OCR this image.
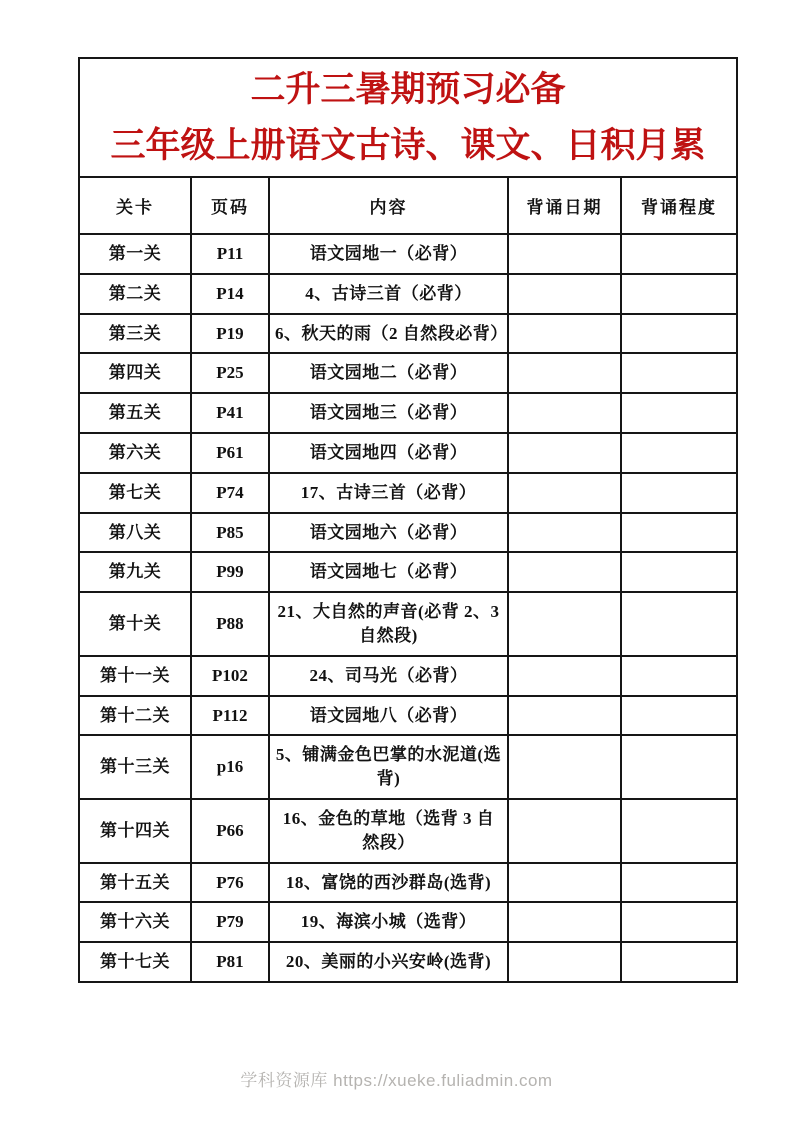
二升三暑期预习必备
三年级上册语文古诗、课文、日积月累				

关卡	页码	内容	背诵日期	背诵程度
第一关	P11	语文园地一（必背）		
第二关	P14	4、古诗三首（必背）		
第三关	P19	6、秋天的雨（2 自然段必背）		
第四关	P25	语文园地二（必背）		
第五关	P41	语文园地三（必背）		
第六关	P61	语文园地四（必背）		
第七关	P74	17、古诗三首（必背）		
第八关	P85	语文园地六（必背）		
第九关	P99	语文园地七（必背）		
第十关	P88	21、大自然的声音(必背 2、3 自然段)		
第十一关	P102	24、司马光（必背）		
第十二关	P112	语文园地八（必背）		
第十三关	p16	5、铺满金色巴掌的水泥道(选背)		
第十四关	P66	16、金色的草地（选背 3 自然段）		
第十五关	P76	18、富饶的西沙群岛(选背)		
第十六关	P79	19、海滨小城（选背）		
第十七关	P81	20、美丽的小兴安岭(选背)		
学科资源库 https://xueke.fuliadmin.com
